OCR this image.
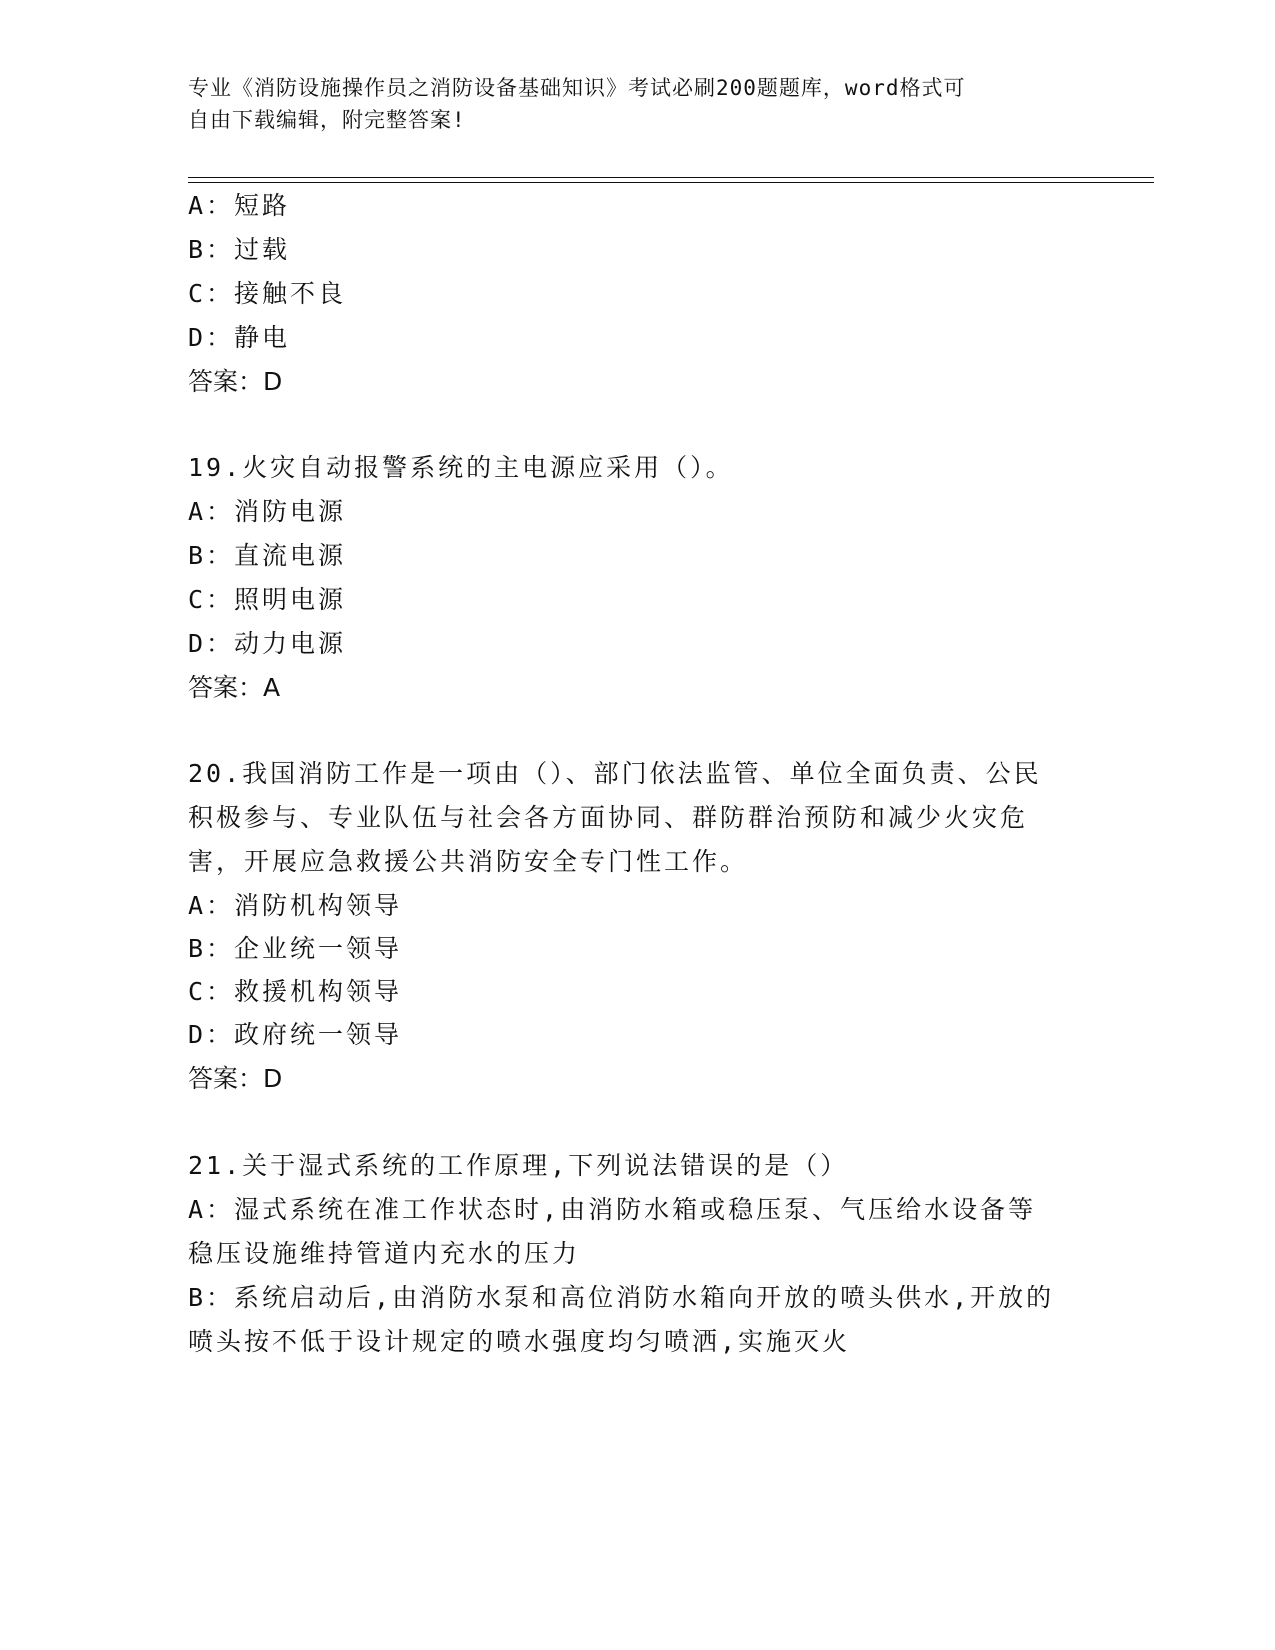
专业《消防设施操作员之消防设备基础知识》考试必刷200题题库，word格式可
自由下载编辑，附完整答案!
A：短路
B：过载
C：接触不良
D：静电
答案：D
19.火灾自动报警系统的主电源应采用（）。
A：消防电源
B：直流电源
C：照明电源
D：动力电源
答案：A
20.我国消防工作是一项由（）、部门依法监管、单位全面负责、公民
积极参与、专业队伍与社会各方面协同、群防群治预防和减少火灾危
害，开展应急救援公共消防安全专门性工作。
A：消防机构领导
B：企业统一领导
C：救援机构领导
D：政府统一领导
答案：D
21.关于湿式系统的工作原理,下列说法错误的是（）
A：湿式系统在准工作状态时,由消防水箱或稳压泵、气压给水设备等
稳压设施维持管道内充水的压力
B：系统启动后,由消防水泵和高位消防水箱向开放的喷头供水,开放的
喷头按不低于设计规定的喷水强度均匀喷洒,实施灭火
